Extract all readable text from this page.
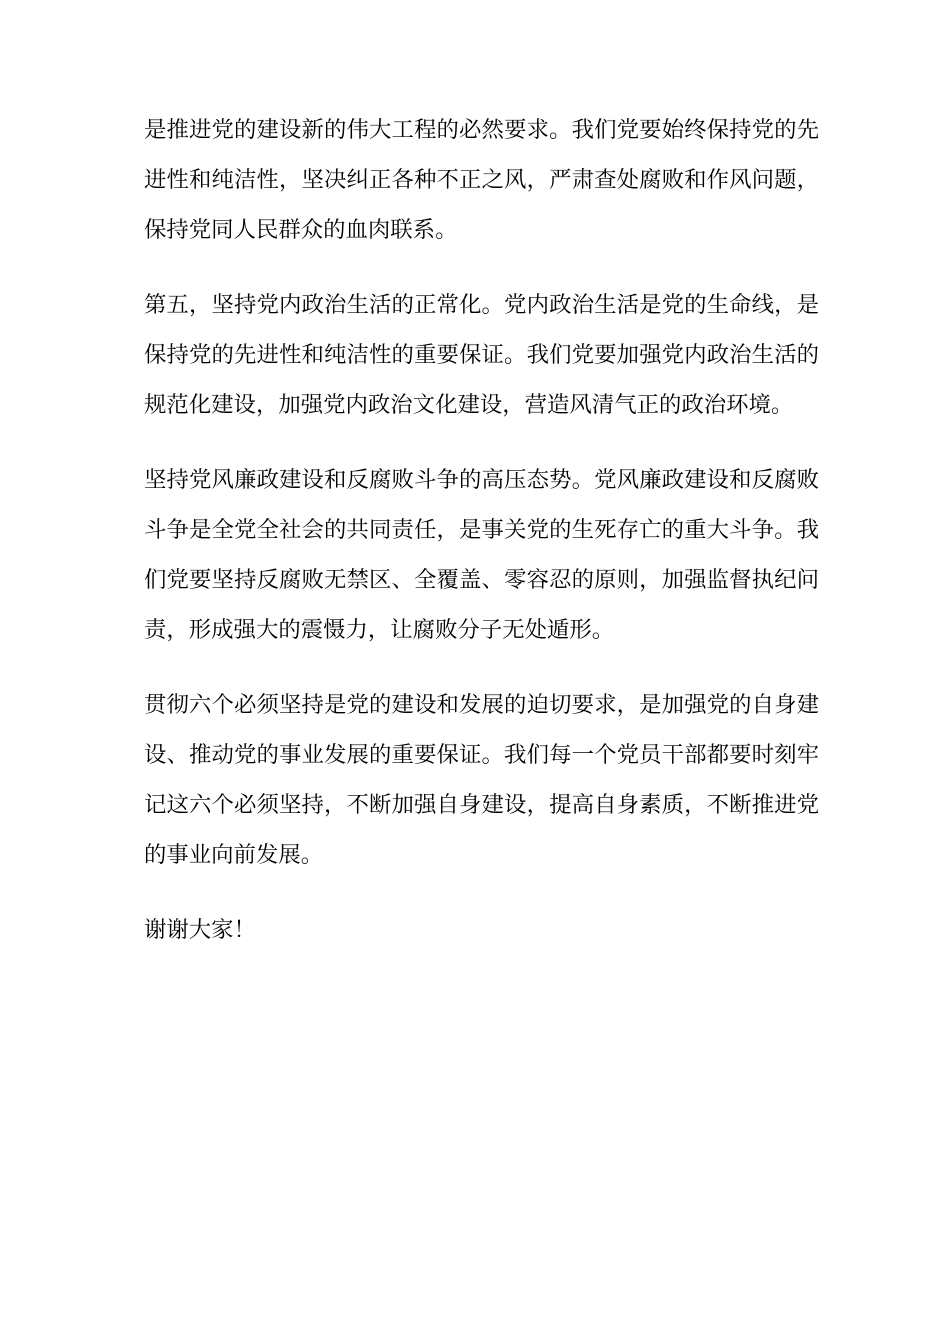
是推进党的建设新的伟大工程的必然要求。我们党要始终保持党的先进性和纯洁性，坚决纠正各种不正之风，严肃查处腐败和作风问题，保持党同人民群众的血肉联系。

第五，坚持党内政治生活的正常化。党内政治生活是党的生命线，是保持党的先进性和纯洁性的重要保证。我们党要加强党内政治生活的规范化建设，加强党内政治文化建设，营造风清气正的政治环境。

坚持党风廉政建设和反腐败斗争的高压态势。党风廉政建设和反腐败斗争是全党全社会的共同责任，是事关党的生死存亡的重大斗争。我们党要坚持反腐败无禁区、全覆盖、零容忍的原则，加强监督执纪问责，形成强大的震慑力，让腐败分子无处遁形。

贯彻六个必须坚持是党的建设和发展的迫切要求，是加强党的自身建设、推动党的事业发展的重要保证。我们每一个党员干部都要时刻牢记这六个必须坚持，不断加强自身建设，提高自身素质，不断推进党的事业向前发展。

谢谢大家！
